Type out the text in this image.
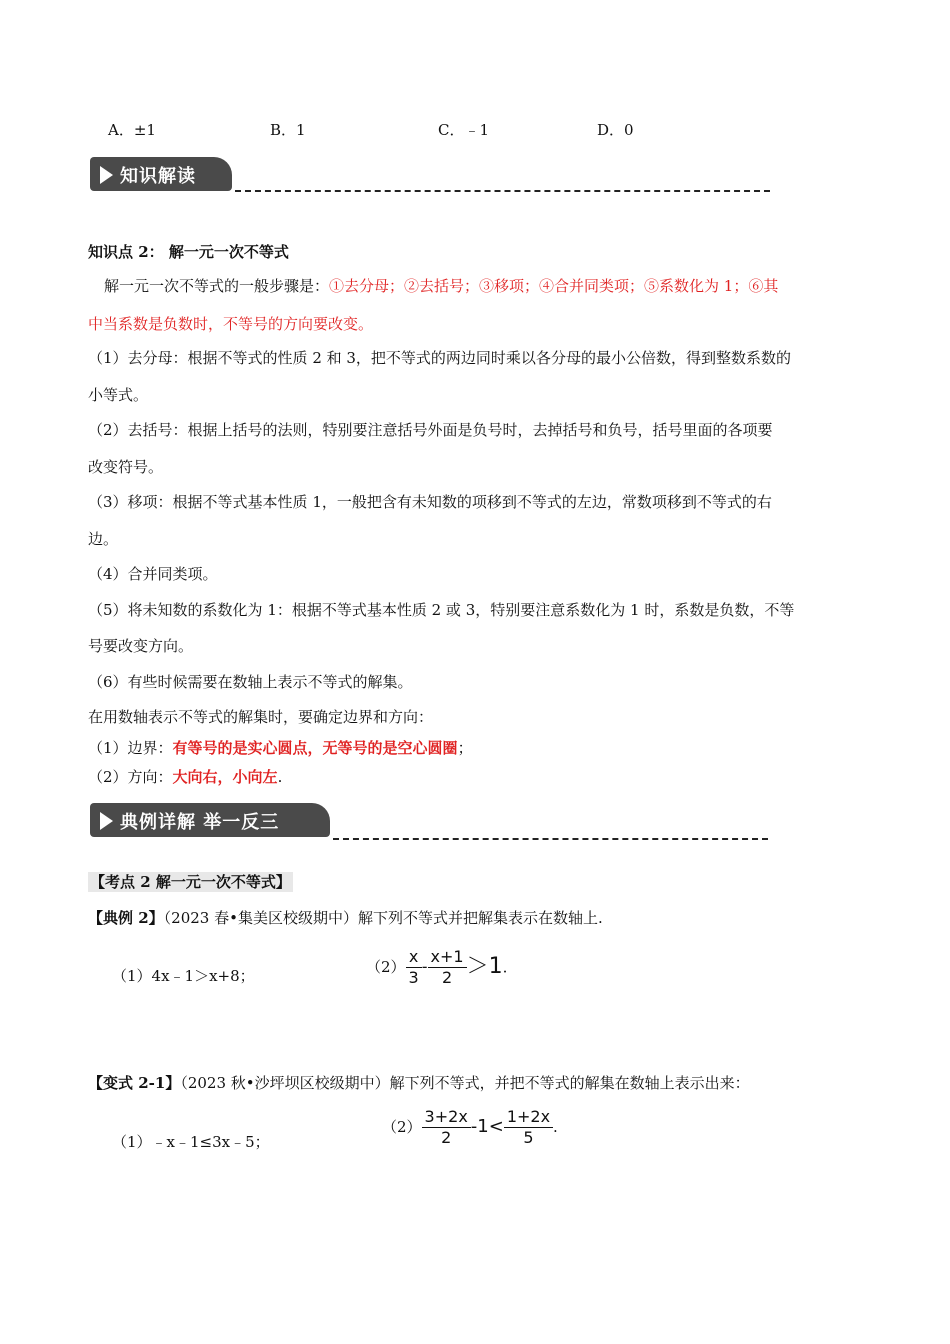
A．±1	B．1	C．﹣1	D．0
知识解读
知识点 2： 解一元一次不等式
解一元一次不等式的一般步骤是：①去分母；②去括号；③移项；④合并同类项；⑤系数化为 1；⑥其
中当系数是负数时，不等号的方向要改变。
（1）去分母：根据不等式的性质 2 和 3，把不等式的两边同时乘以各分母的最小公倍数，得到整数系数的
小等式。
（2）去括号：根据上括号的法则，特别要注意括号外面是负号时，去掉括号和负号，括号里面的各项要
改变符号。
（3）移项：根据不等式基本性质 1，一般把含有未知数的项移到不等式的左边，常数项移到不等式的右
边。
（4）合并同类项。
（5）将未知数的系数化为 1：根据不等式基本性质 2 或 3，特别要注意系数化为 1 时，系数是负数，不等
号要改变方向。
（6）有些时候需要在数轴上表示不等式的解集。
在用数轴表示不等式的解集时，要确定边界和方向：
（1）边界：有等号的是实心圆点，无等号的是空心圆圈；
（2）方向：大向右，小向左.
典例详解 举一反三
【考点 2 解一元一次不等式】
【典例 2】（2023 春•集美区校级期中）解下列不等式并把解集表示在数轴上.
（1）4x﹣1＞x+8；	$(2) \frac{x}{3} - \frac{x+1}{2} >1$.
【变式 2-1】（2023 秋•沙坪坝区校级期中）解下列不等式，并把不等式的解集在数轴上表示出来：
（1）﹣x﹣1≤3x﹣5；
$(2) \frac{3+2x}{2} -1< \frac{1+2x}{5}$ .
